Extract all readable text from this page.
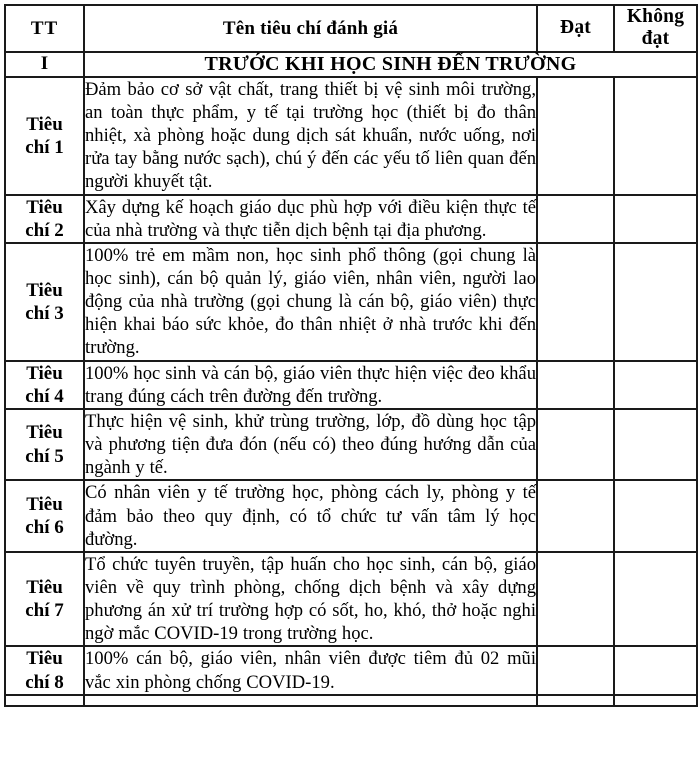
TT	Tên tiêu chí đánh giá	Đạt	Không
đạt
I	TRƯỚC KHI HỌC SINH ĐẾN TRƯỜNG		

Tiêu
chí 1	Đảm bảo cơ sở vật chất, trang thiết bị vệ sinh môi trường, an toàn thực phẩm, y tế tại trường học (thiết bị đo thân nhiệt, xà phòng hoặc dung dịch sát khuẩn, nước uống, nơi rửa tay bằng nước sạch), chú ý đến các yếu tố liên quan đến người khuyết tật.		

Tiêu
chí 2	Xây dựng kế hoạch giáo dục phù hợp với điều kiện thực tế của nhà trường và thực tiễn dịch bệnh tại địa phương.		

Tiêu
chí 3	100% trẻ em mầm non, học sinh phổ thông (gọi chung là học sinh), cán bộ quản lý, giáo viên, nhân viên, người lao động của nhà trường (gọi chung là cán bộ, giáo viên) thực hiện khai báo sức khỏe, đo thân nhiệt ở nhà trước khi đến trường.		

Tiêu
chí 4	100% học sinh và cán bộ, giáo viên thực hiện việc đeo khẩu trang đúng cách trên đường đến trường.		

Tiêu
chí 5	Thực hiện vệ sinh, khử trùng trường, lớp, đồ dùng học tập và phương tiện đưa đón (nếu có) theo đúng hướng dẫn của ngành y tế.		

Tiêu
chí 6	Có nhân viên y tế trường học, phòng cách ly, phòng y tế đảm bảo theo quy định, có tổ chức tư vấn tâm lý học đường.		

Tiêu
chí 7	Tổ chức tuyên truyền, tập huấn cho học sinh, cán bộ, giáo viên về quy trình phòng, chống dịch bệnh và xây dựng phương án xử trí trường hợp có sốt, ho, khó, thở hoặc nghi ngờ mắc COVID-19 trong trường học.		

Tiêu
chí 8	100% cán bộ, giáo viên, nhân viên được tiêm đủ 02 mũi vắc xin phòng chống COVID-19.		
